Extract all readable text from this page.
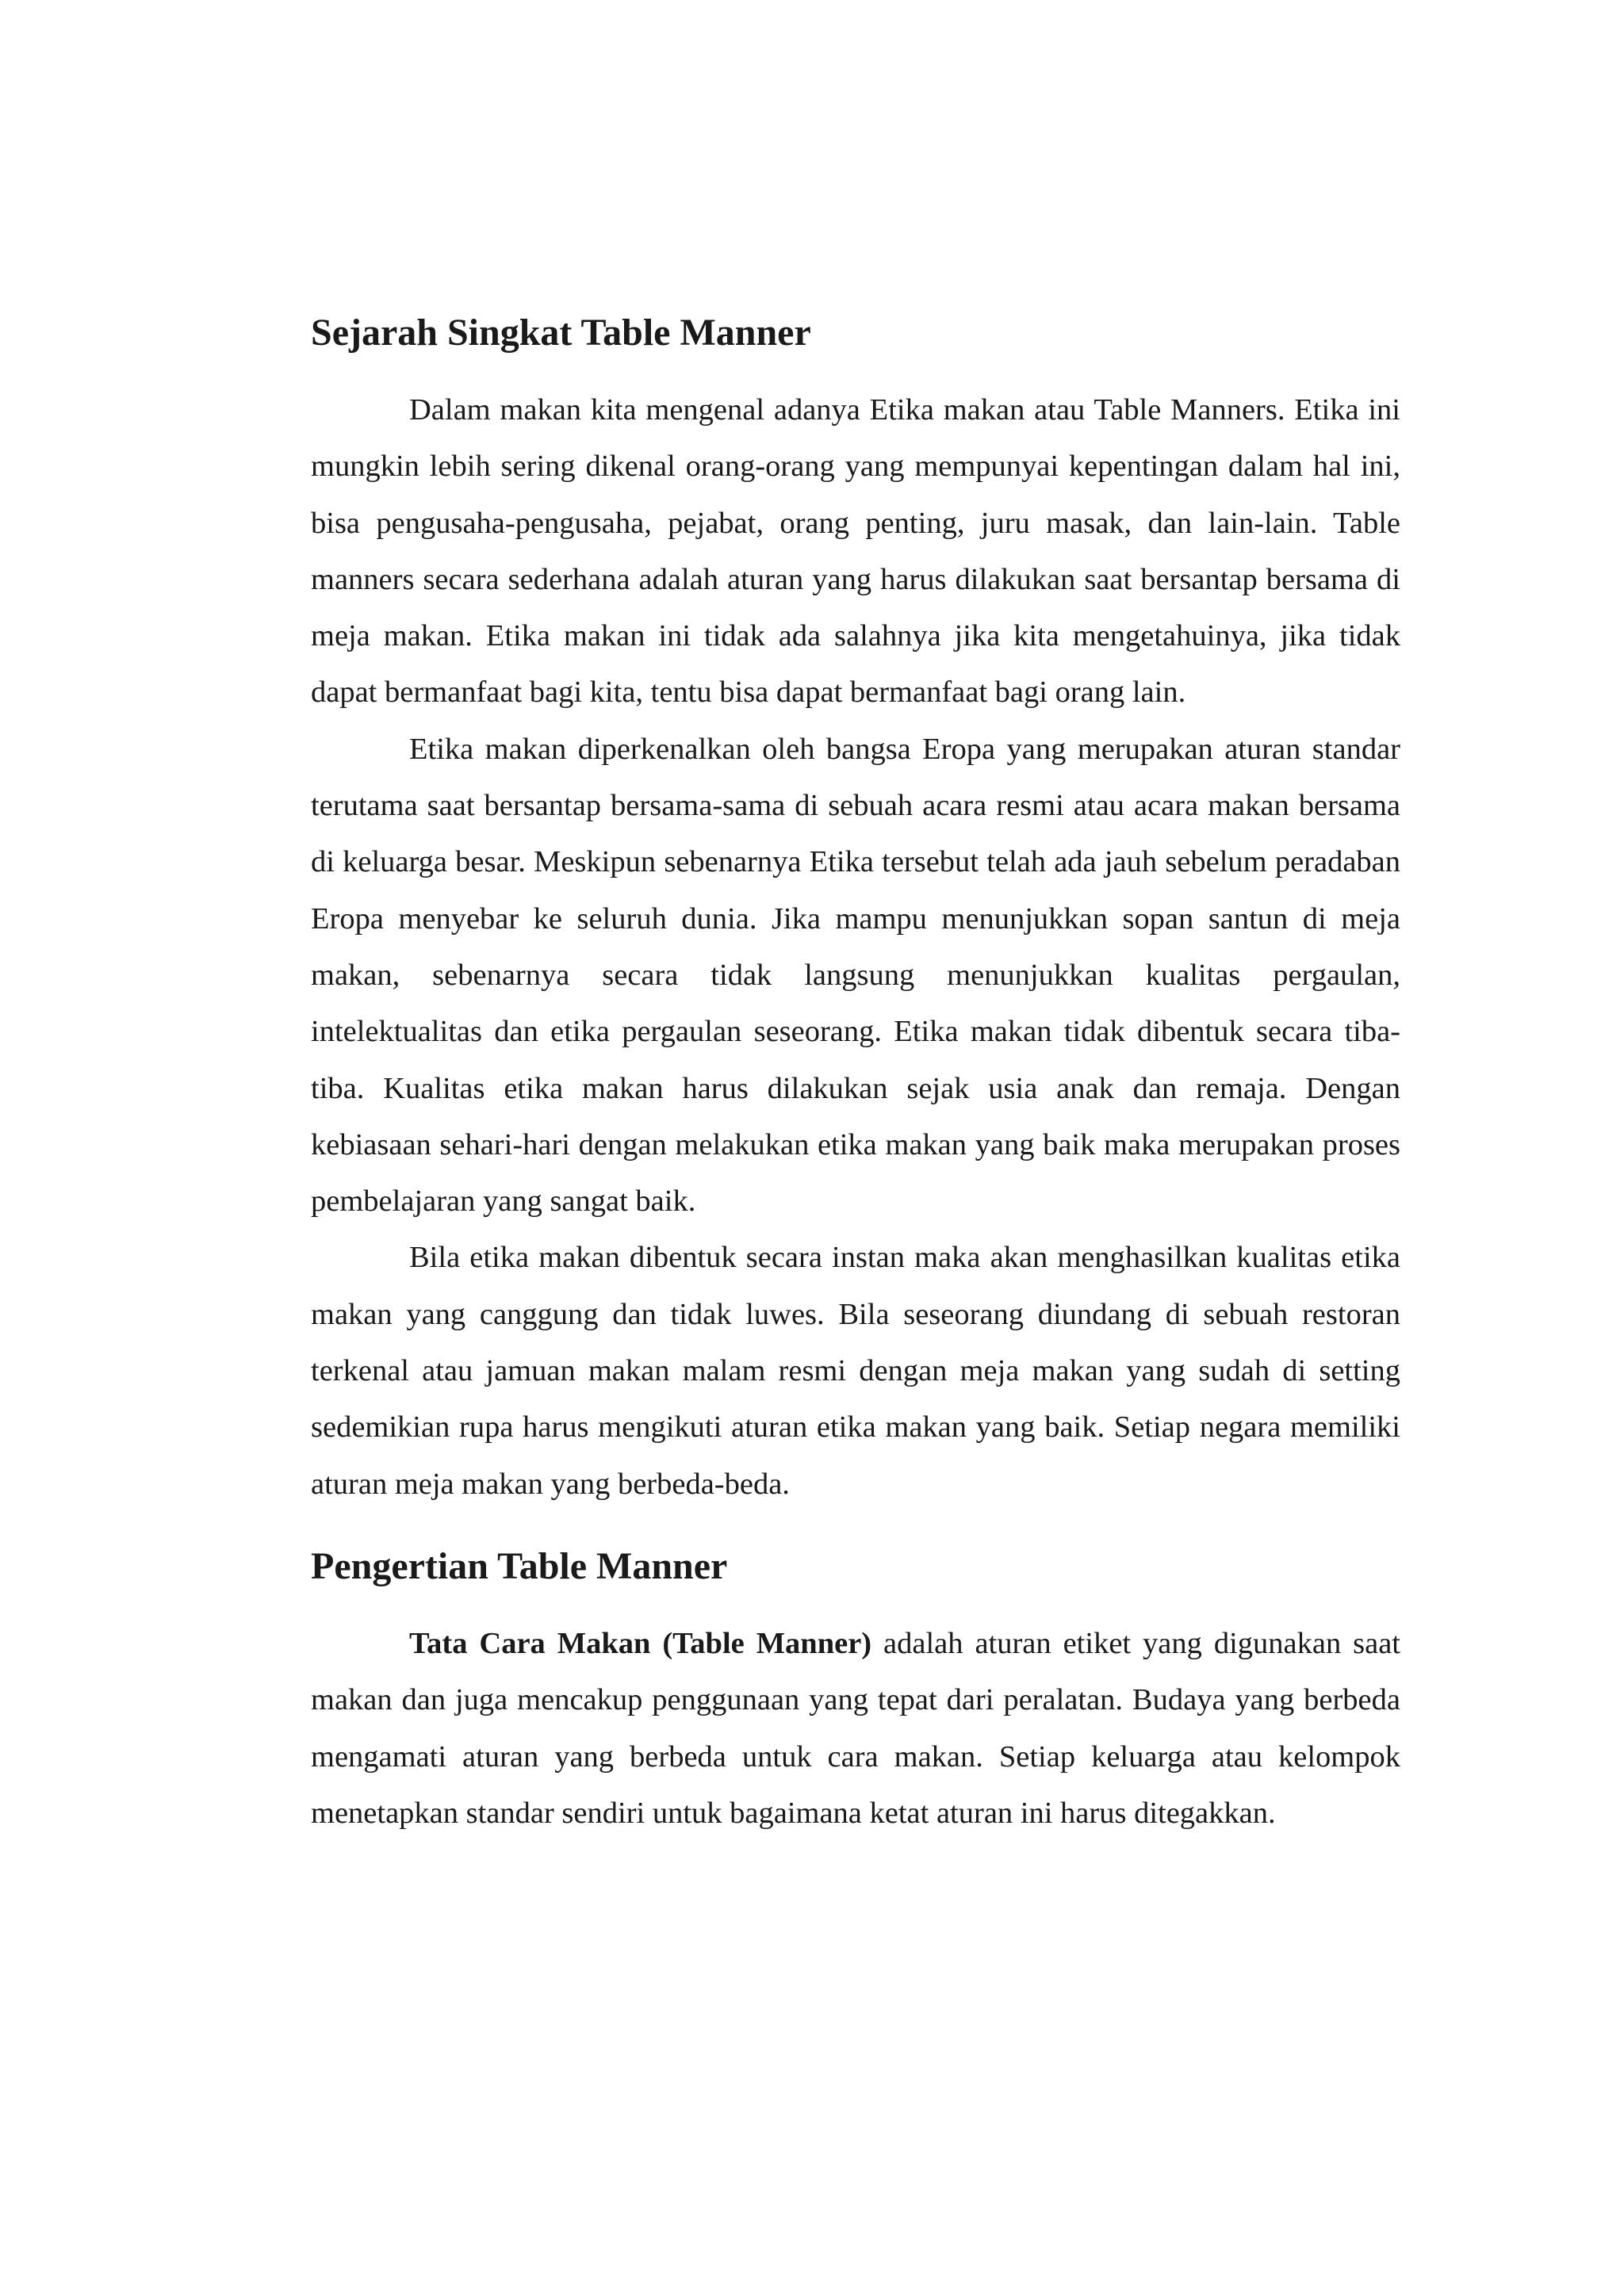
Sejarah Singkat Table Manner

Dalam makan kita mengenal adanya Etika makan atau Table Manners. Etika ini mungkin lebih sering dikenal orang-orang yang mempunyai kepentingan dalam hal ini, bisa pengusaha-pengusaha, pejabat, orang penting, juru masak, dan lain-lain. Table manners secara sederhana adalah aturan yang harus dilakukan saat bersantap bersama di meja makan. Etika makan ini tidak ada salahnya jika kita mengetahuinya, jika tidak dapat bermanfaat bagi kita, tentu bisa dapat bermanfaat bagi orang lain.

Etika makan diperkenalkan oleh bangsa Eropa yang merupakan aturan standar terutama saat bersantap bersama-sama di sebuah acara resmi atau acara makan bersama di keluarga besar. Meskipun sebenarnya Etika tersebut telah ada jauh sebelum peradaban Eropa menyebar ke seluruh dunia. Jika mampu menunjukkan sopan santun di meja makan, sebenarnya secara tidak langsung menunjukkan kualitas pergaulan, intelektualitas dan etika pergaulan seseorang. Etika makan tidak dibentuk secara tiba-tiba. Kualitas etika makan harus dilakukan sejak usia anak dan remaja. Dengan kebiasaan sehari-hari dengan melakukan etika makan yang baik maka merupakan proses pembelajaran yang sangat baik.

Bila etika makan dibentuk secara instan maka akan menghasilkan kualitas etika makan yang canggung dan tidak luwes. Bila seseorang diundang di sebuah restoran terkenal atau jamuan makan malam resmi dengan meja makan yang sudah di setting sedemikian rupa harus mengikuti aturan etika makan yang baik. Setiap negara memiliki aturan meja makan yang berbeda-beda.

Pengertian Table Manner

Tata Cara Makan (Table Manner) adalah aturan etiket yang digunakan saat makan dan juga mencakup penggunaan yang tepat dari peralatan. Budaya yang berbeda mengamati aturan yang berbeda untuk cara makan. Setiap keluarga atau kelompok menetapkan standar sendiri untuk bagaimana ketat aturan ini harus ditegakkan.
